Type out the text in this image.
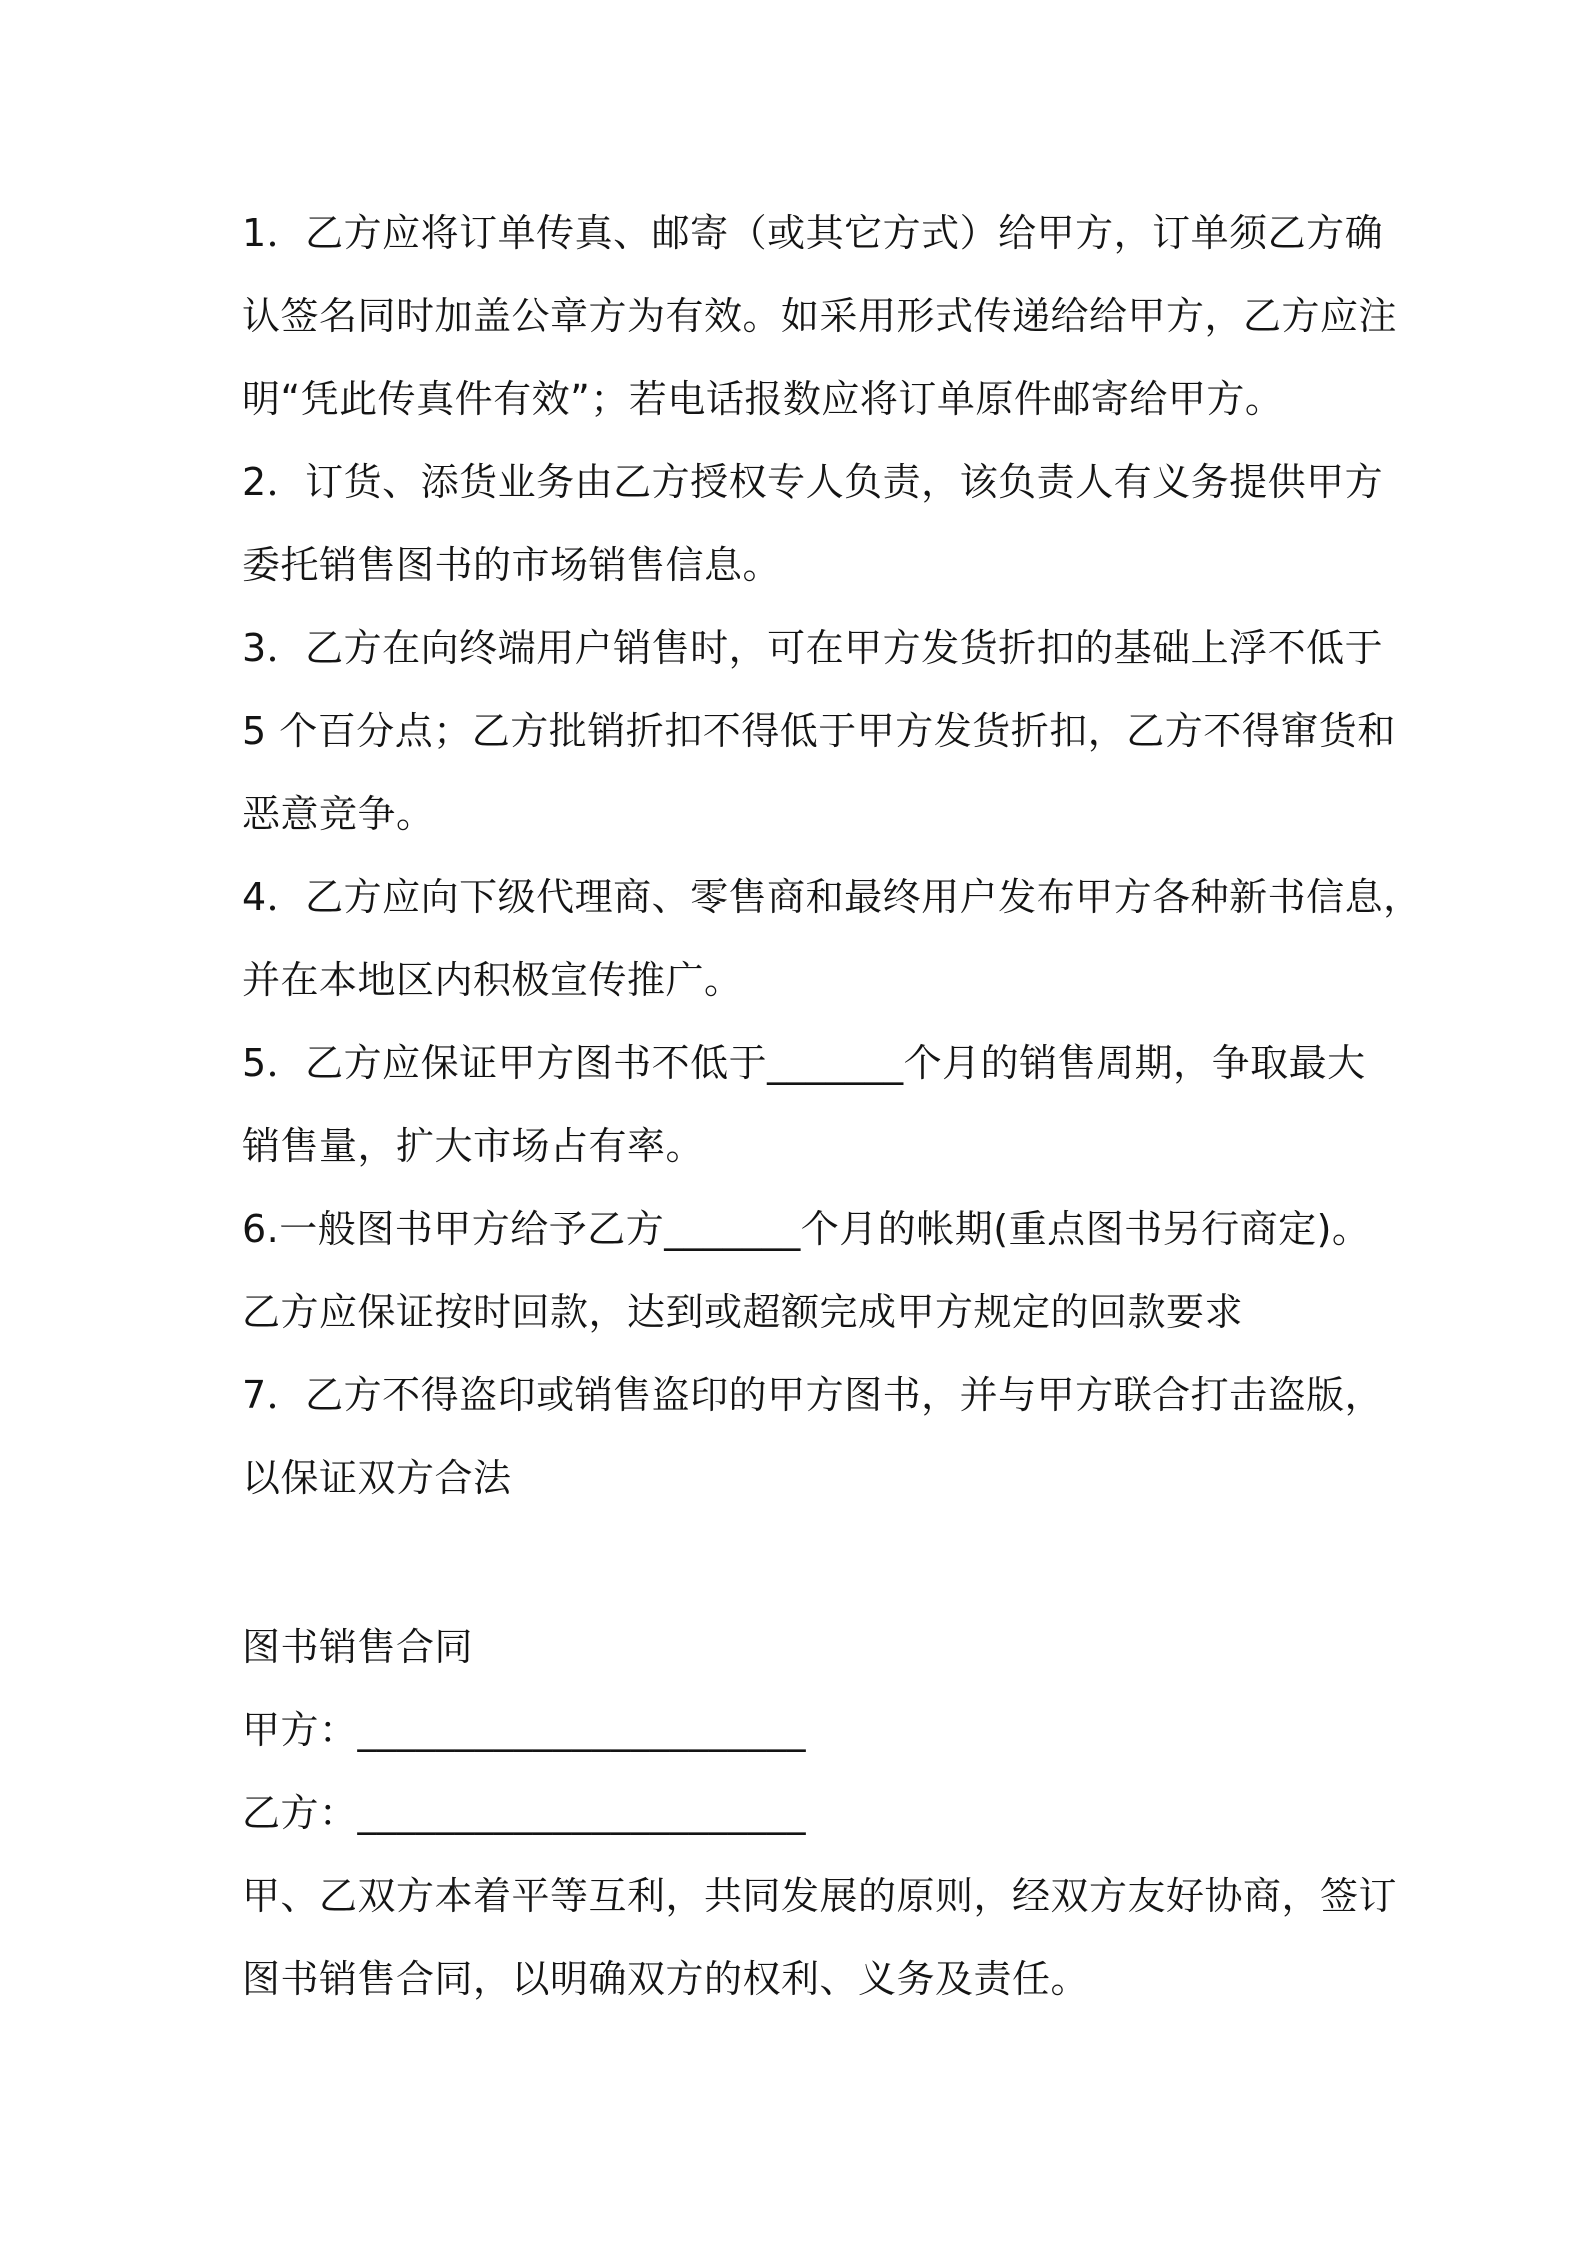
1．乙方应将订单传真、邮寄（或其它方式）给甲方，订单须乙方确
认签名同时加盖公章方为有效。如采用形式传递给给甲方，乙方应注
明“凭此传真件有效”；若电话报数应将订单原件邮寄给甲方。
2．订货、添货业务由乙方授权专人负责，该负责人有义务提供甲方
委托销售图书的市场销售信息。
3．乙方在向终端用户销售时，可在甲方发货折扣的基础上浮不低于
5 个百分点；乙方批销折扣不得低于甲方发货折扣，乙方不得窜货和
恶意竞争。
4．乙方应向下级代理商、零售商和最终用户发布甲方各种新书信息，
并在本地区内积极宣传推广。
5．乙方应保证甲方图书不低于_______个月的销售周期，争取最大
销售量，扩大市场占有率。
6.一般图书甲方给予乙方_______个月的帐期(重点图书另行商定)。
乙方应保证按时回款，达到或超额完成甲方规定的回款要求
7．乙方不得盗印或销售盗印的甲方图书，并与甲方联合打击盗版，
以保证双方合法
图书销售合同
甲方：_______________________
乙方：_______________________
甲、乙双方本着平等互利，共同发展的原则，经双方友好协商，签订
图书销售合同，以明确双方的权利、义务及责任。
